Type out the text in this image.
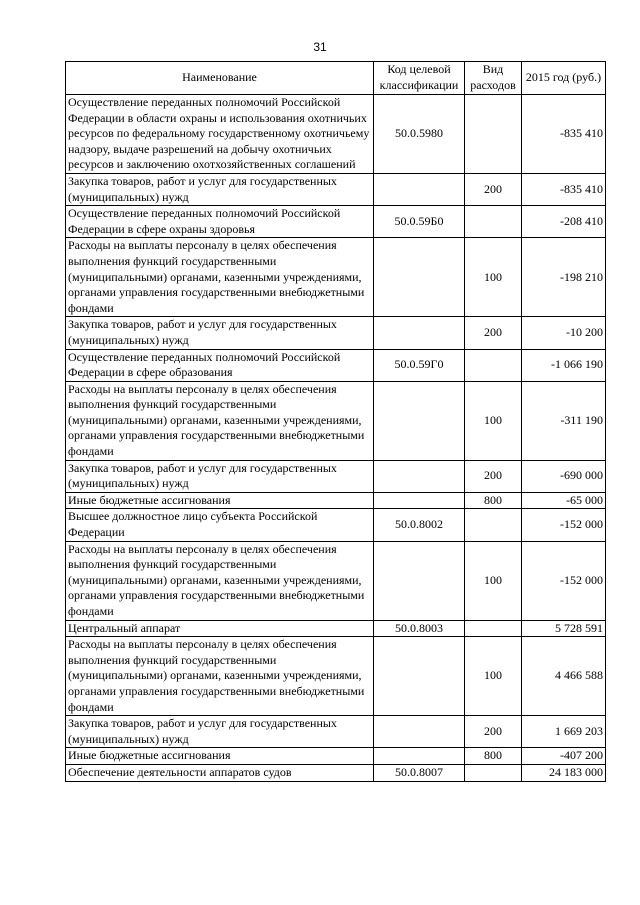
31
Наименование	Код целевой классификации	Вид расходов	2015 год (руб.)
Осуществление переданных полномочий Российской Федерации в области охраны и использования охотничьих ресурсов по федеральному государственному охотничьему надзору, выдаче разрешений на добычу охотничьих ресурсов и заключению охотхозяйственных соглашений	50.0.5980		-835 410
Закупка товаров, работ и услуг для государственных (муниципальных) нужд		200	-835 410
Осуществление переданных полномочий Российской Федерации в сфере охраны здоровья	50.0.59Б0		-208 410
Расходы на выплаты персоналу в целях обеспечения выполнения функций государственными (муниципальными) органами, казенными учреждениями, органами управления государственными внебюджетными фондами		100	-198 210
Закупка товаров, работ и услуг для государственных (муниципальных) нужд		200	-10 200
Осуществление переданных полномочий Российской Федерации в сфере образования	50.0.59Г0		-1 066 190
Расходы на выплаты персоналу в целях обеспечения выполнения функций государственными (муниципальными) органами, казенными учреждениями, органами управления государственными внебюджетными фондами		100	-311 190
Закупка товаров, работ и услуг для государственных (муниципальных) нужд		200	-690 000
Иные бюджетные ассигнования		800	-65 000
Высшее должностное лицо субъекта Российской Федерации	50.0.8002		-152 000
Расходы на выплаты персоналу в целях обеспечения выполнения функций государственными (муниципальными) органами, казенными учреждениями, органами управления государственными внебюджетными фондами		100	-152 000
Центральный аппарат	50.0.8003		5 728 591
Расходы на выплаты персоналу в целях обеспечения выполнения функций государственными (муниципальными) органами, казенными учреждениями, органами управления государственными внебюджетными фондами		100	4 466 588
Закупка товаров, работ и услуг для государственных (муниципальных) нужд		200	1 669 203
Иные бюджетные ассигнования		800	-407 200
Обеспечение деятельности аппаратов судов	50.0.8007		24 183 000
